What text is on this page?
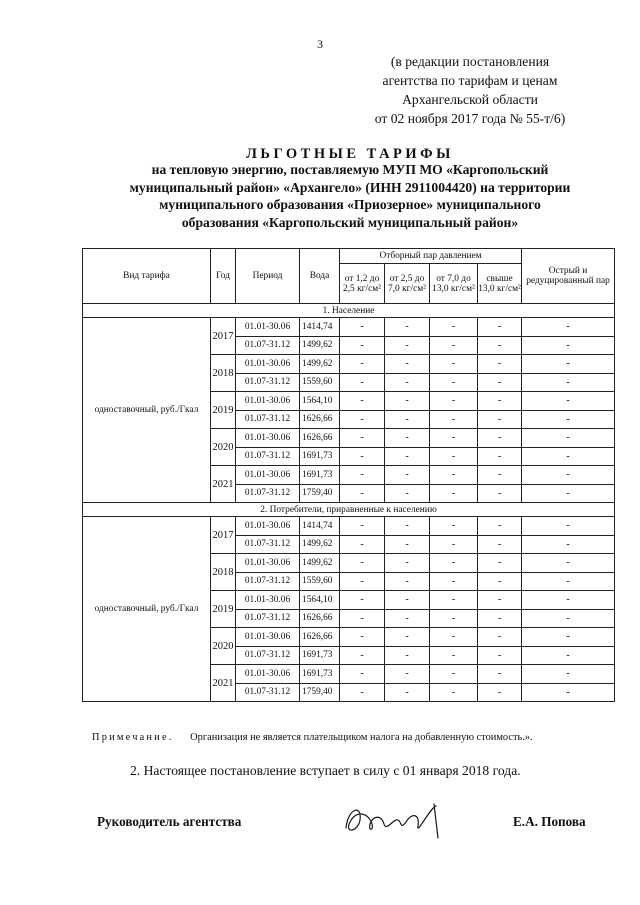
3
(в редакции постановления
агентства по тарифам и ценам
Архангельской области
от 02 ноября 2017 года № 55-т/6)
ЛЬГОТНЫЕ ТАРИФЫ
на тепловую энергию, поставляемую МУП МО «Каргопольский
муниципальный район» «Архангело» (ИНН 2911004420) на территории
муниципального образования «Приозерное» муниципального
образования «Каргопольский муниципальный район»
Вид тарифа	Год	Период	Вода	Отборный пар давлением				Острый и редуцированный пар
				от 1,2 до 2,5 кг/см²	от 2,5 до 7,0 кг/см²	от 7,0 до 13,0 кг/см²	свыше 13,0 кг/см²	
1. Население								
одноставочный, руб./Гкал	2017	01.01-30.06	1414,74	-	-	-	-	-
		01.07-31.12	1499,62	-	-	-	-	-
	2018	01.01-30.06	1499,62	-	-	-	-	-
		01.07-31.12	1559,60	-	-	-	-	-
	2019	01.01-30.06	1564,10	-	-	-	-	-
		01.07-31.12	1626,66	-	-	-	-	-
	2020	01.01-30.06	1626,66	-	-	-	-	-
		01.07-31.12	1691,73	-	-	-	-	-
	2021	01.01-30.06	1691,73	-	-	-	-	-
		01.07-31.12	1759,40	-	-	-	-	-
2. Потребители, приравненные к населению								
одноставочный, руб./Гкал	2017	01.01-30.06	1414,74	-	-	-	-	-
		01.07-31.12	1499,62	-	-	-	-	-
	2018	01.01-30.06	1499,62	-	-	-	-	-
		01.07-31.12	1559,60	-	-	-	-	-
	2019	01.01-30.06	1564,10	-	-	-	-	-
		01.07-31.12	1626,66	-	-	-	-	-
	2020	01.01-30.06	1626,66	-	-	-	-	-
		01.07-31.12	1691,73	-	-	-	-	-
	2021	01.01-30.06	1691,73	-	-	-	-	-
		01.07-31.12	1759,40	-	-	-	-	-
Примечание. Организация не является плательщиком налога на добавленную стоимость.».
2. Настоящее постановление вступает в силу с 01 января 2018 года.
Руководитель агентства	Е.А. Попова
